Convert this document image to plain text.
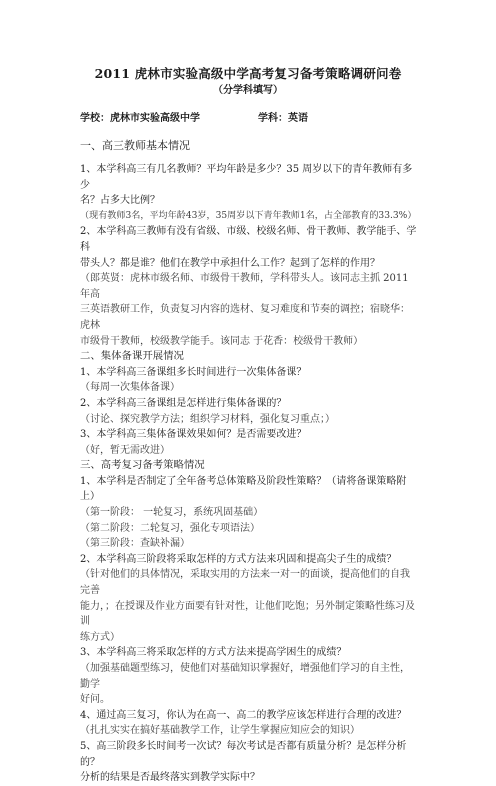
2011 虎林市实验高级中学高考复习备考策略调研问卷
（分学科填写）
学校：虎林市实验高级中学	学科：英语
一、高三教师基本情况

1、本学科高三有几名教师？平均年龄是多少？35 周岁以下的青年教师有多少

名？占多大比例？

（现有教师3名，平均年龄43岁，35周岁以下青年教师1名，占全部教育的33.3%）

2、本学科高三教师有没有省级、市级、校级名师、骨干教师、教学能手、学科

带头人？都是谁？他们在教学中承担什么工作？起到了怎样的作用？

（郎英贤：虎林市级名师、市级骨干教师，学科带头人。该同志主抓 2011 年高

三英语教研工作，负责复习内容的选材、复习难度和节奏的调控；宿晓华：虎林

市级骨干教师，校级教学能手。该同志 于花香：校级骨干教师）

二、集体备课开展情况

1、本学科高三备课组多长时间进行一次集体备课？

（每周一次集体备课）

2、本学科高三备课组是怎样进行集体备课的？

（讨论、探究教学方法；组织学习材料，强化复习重点；）

3、本学科高三集体备课效果如何？是否需要改进？

（好，暂无需改进）

三、高考复习备考策略情况

1、本学科是否制定了全年备考总体策略及阶段性策略？（请将备课策略附上）

（第一阶段： 一轮复习，系统巩固基础）

（第二阶段：二轮复习，强化专项语法）

（第三阶段：查缺补漏）

2、本学科高三阶段将采取怎样的方式方法来巩固和提高尖子生的成绩？

（针对他们的具体情况，采取实用的方法来一对一的面谈，提高他们的自我完善

能力，；在授课及作业方面要有针对性，让他们吃饱；另外制定策略性练习及训

练方式）

3、本学科高三将采取怎样的方式方法来提高学困生的成绩？

（加强基础题型练习，使他们对基础知识掌握好，增强他们学习的自主性，勤学

好问。

4、通过高三复习，你认为在高一、高二的教学应该怎样进行合理的改进？

（扎扎实实在搞好基础教学工作，让学生掌握应知应会的知识）

5、高三阶段多长时间考一次试？每次考试是否都有质量分析？是怎样分析的？

分析的结果是否最终落实到教学实际中？
